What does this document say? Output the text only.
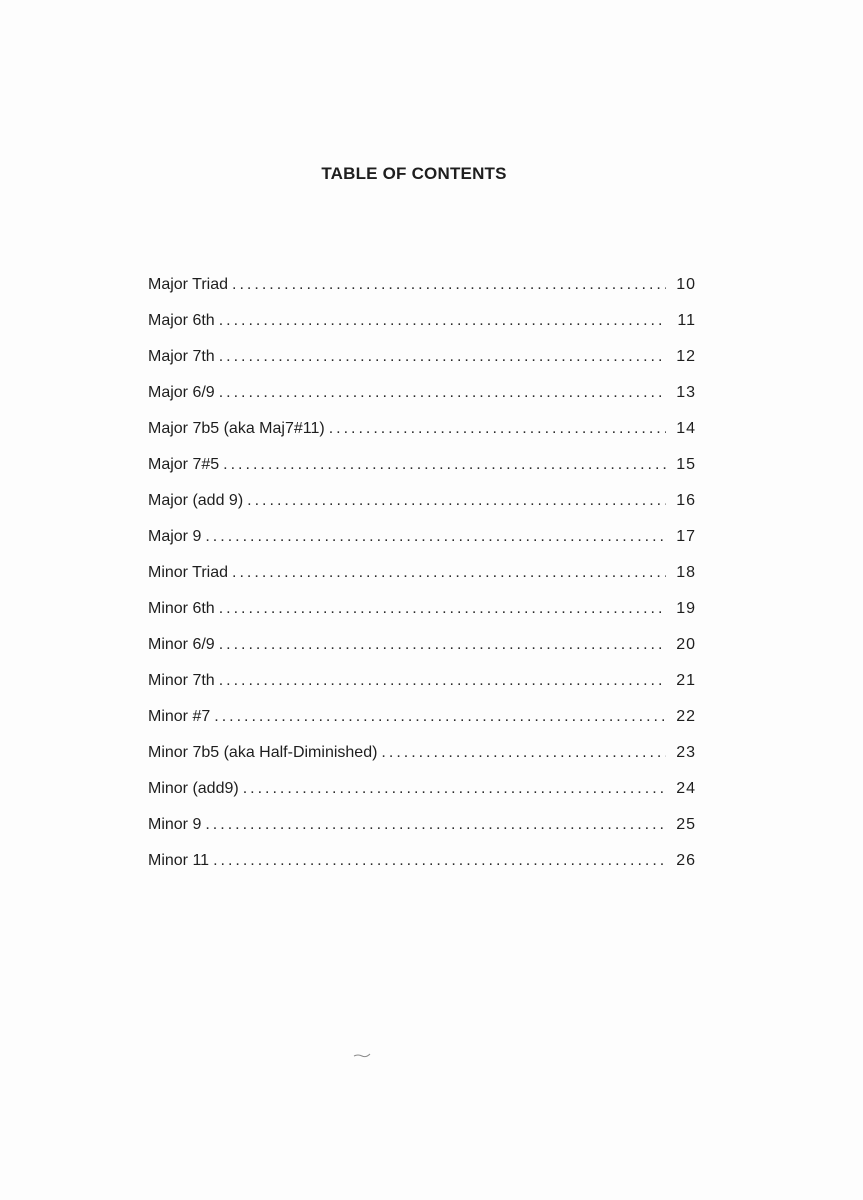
TABLE OF CONTENTS
Major Triad .....	10
Major 6th .....	11
Major 7th .....	12
Major 6/9 .....	13
Major 7b5 (aka Maj7#11) .....	14
Major 7#5 .....	15
Major (add 9) .....	16
Major 9 .....	17
Minor Triad .....	18
Minor 6th .....	19
Minor 6/9 .....	20
Minor 7th .....	21
Minor #7 .....	22
Minor 7b5 (aka Half-Diminished) .....	23
Minor (add9) .....	24
Minor 9 .....	25
Minor 11 .....	26
